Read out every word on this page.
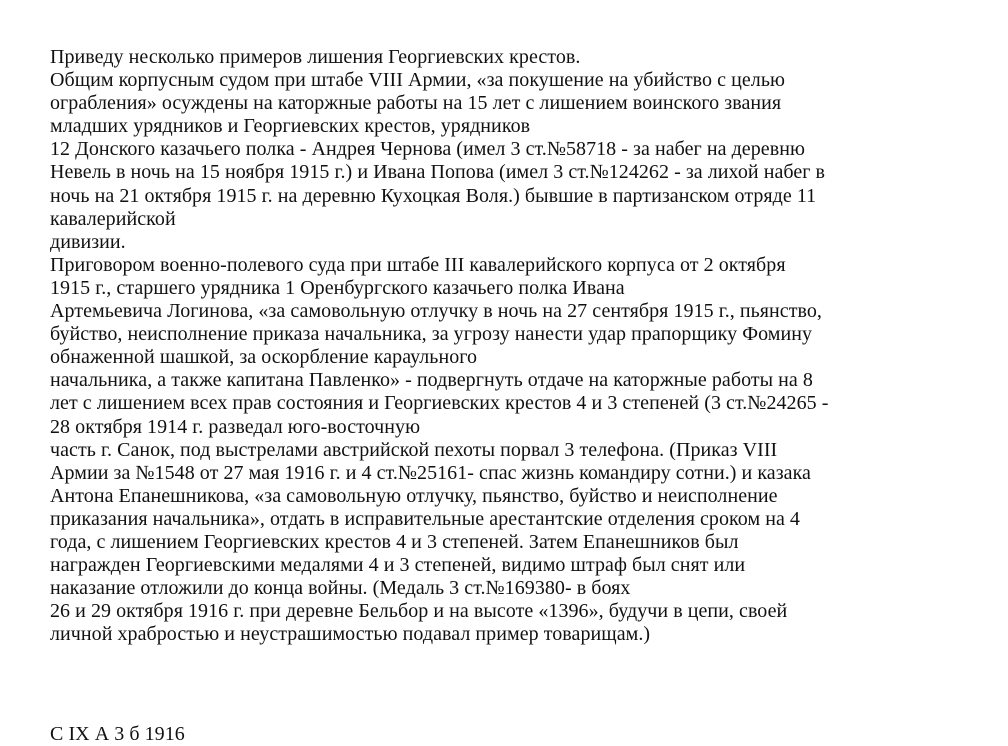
Приведу несколько примеров лишения Георгиевских крестов.
Общим корпусным судом при штабе VIII Армии, «за покушение на убийство с целью
ограбления» осуждены на каторжные работы на 15 лет с лишением воинского звания
младших урядников и Георгиевских крестов, урядников
12 Донского казачьего полка - Андрея Чернова (имел 3 ст.№58718 - за набег на деревню
Невель в ночь на 15 ноября 1915 г.) и Ивана Попова (имел 3 ст.№124262 - за лихой набег в
ночь на 21 октября 1915 г. на деревню Кухоцкая Воля.) бывшие в партизанском отряде 11
кавалерийской
дивизии.
Приговором военно-полевого суда при штабе III кавалерийского корпуса от 2 октября
1915 г., старшего урядника 1 Оренбургского казачьего полка Ивана
Артемьевича Логинова, «за самовольную отлучку в ночь на 27 сентября 1915 г., пьянство,
буйство, неисполнение приказа начальника, за угрозу нанести удар прапорщику Фомину
обнаженной шашкой, за оскорбление караульного
начальника, а также капитана Павленко» - подвергнуть отдаче на каторжные работы на 8
лет с лишением всех прав состояния и Георгиевских крестов 4 и 3 степеней (3 ст.№24265 -
28 октября 1914 г. разведал юго-восточную
часть г. Санок, под выстрелами австрийской пехоты порвал 3 телефона. (Приказ VIII
Армии за №1548 от 27 мая 1916 г. и 4 ст.№25161- спас жизнь командиру сотни.) и казака
Антона Епанешникова, «за самовольную отлучку, пьянство, буйство и неисполнение
приказания начальника», отдать в исправительные арестантские отделения сроком на 4
года, с лишением Георгиевских крестов 4 и 3 степеней. Затем Епанешников был
награжден Георгиевскими медалями 4 и 3 степеней, видимо штраф был снят или
наказание отложили до конца войны. (Медаль 3 ст.№169380- в боях
26 и 29 октября 1916 г. при деревне Бельбор и на высоте «1396», будучи в цепи, своей
личной храбростью и неустрашимостью подавал пример товарищам.)
С IX А 3 б 1916
